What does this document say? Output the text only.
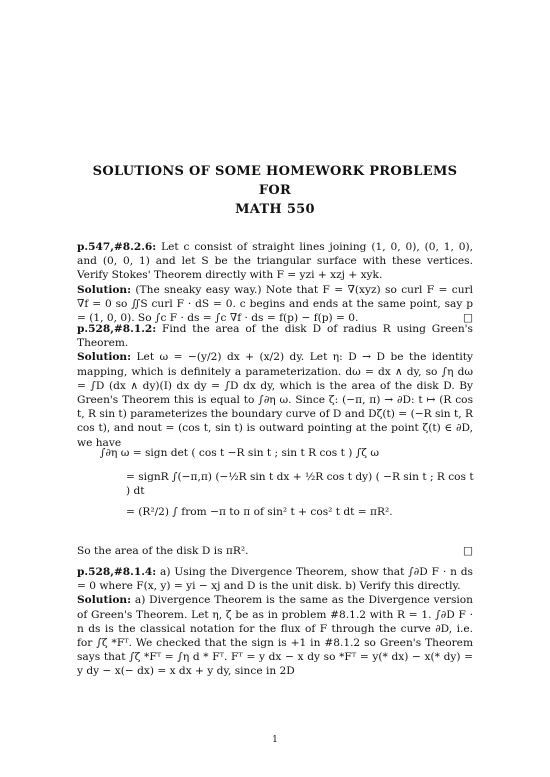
SOLUTIONS OF SOME HOMEWORK PROBLEMS FOR
MATH 550

p.547,#8.2.6: Let c consist of straight lines joining (1, 0, 0), (0, 1, 0), and (0, 0, 1) and let S be the triangular surface with these vertices. Verify Stokes' Theorem directly with F = yzi + xzj + xyk.

Solution: (The sneaky easy way.) Note that F = ∇(xyz) so curl F = curl ∇f = 0 so ∬S curl F · dS = 0. c begins and ends at the same point, say p = (1, 0, 0). So ∫c F · ds = ∫c ∇f · ds = f(p) − f(p) = 0.	□

p.528,#8.1.2: Find the area of the disk D of radius R using Green's Theorem.

Solution: Let ω = −(y/2) dx + (x/2) dy. Let η: D → D be the identity mapping, which is definitely a parameterization. dω = dx ∧ dy, so ∫η dω = ∫D (dx ∧ dy)(I) dx dy = ∫D dx dy, which is the area of the disk D. By Green's Theorem this is equal to ∫∂η ω. Since ζ: (−π, π) → ∂D: t ↦ (R cos t, R sin t) parameterizes the boundary curve of D and Dζ(t) = (−R sin t, R cos t), and nout = (cos t, sin t) is outward pointing at the point ζ(t) ∈ ∂D, we have

∫∂η ω = sign det ( cos t −R sin t ; sin t R cos t ) ∫ζ ω
= signR ∫(−π,π) (−½R sin t dx + ½R cos t dy) ( −R sin t ; R cos t ) dt
= (R²/2) ∫ from −π to π of sin² t + cos² t dt = πR².

So the area of the disk D is πR².	□

p.528,#8.1.4: a) Using the Divergence Theorem, show that ∫∂D F · n ds = 0 where F(x, y) = yi − xj and D is the unit disk. b) Verify this directly.

Solution: a) Divergence Theorem is the same as the Divergence version of Green's Theorem. Let η, ζ be as in problem #8.1.2 with R = 1. ∫∂D F · n ds is the classical notation for the flux of F through the curve ∂D, i.e. for ∫ζ *Fᵀ. We checked that the sign is +1 in #8.1.2 so Green's Theorem says that ∫ζ *Fᵀ = ∫η d * Fᵀ. Fᵀ = y dx − x dy so *Fᵀ = y(* dx) − x(* dy) = y dy − x(− dx) = x dx + y dy, since in 2D

1
